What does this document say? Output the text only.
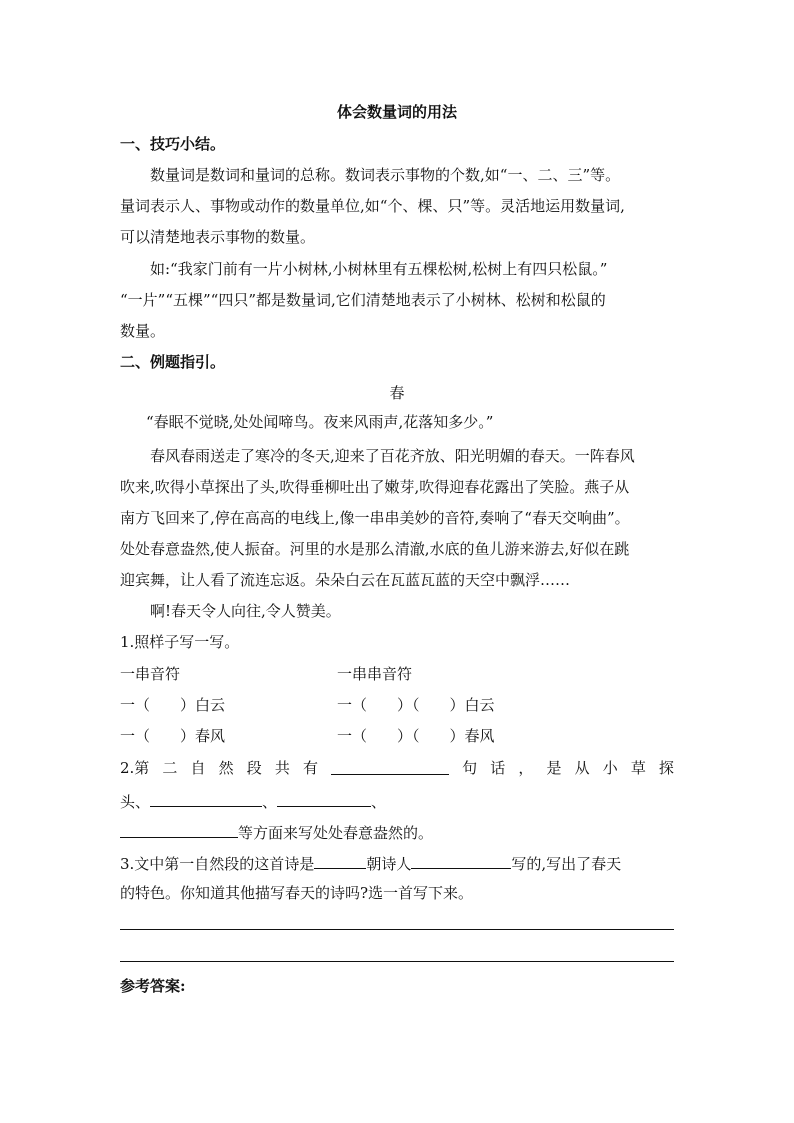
体会数量词的用法
一、技巧小结。
数量词是数词和量词的总称。数词表示事物的个数,如“一、二、三”等。
量词表示人、事物或动作的数量单位,如“个、棵、只”等。灵活地运用数量词,
可以清楚地表示事物的数量。
如:“我家门前有一片小树林,小树林里有五棵松树,松树上有四只松鼠。”
“一片”“五棵”“四只”都是数量词,它们清楚地表示了小树林、松树和松鼠的
数量。
二、例题指引。
春
“春眠不觉晓,处处闻啼鸟。夜来风雨声,花落知多少。”
春风春雨送走了寒冷的冬天,迎来了百花齐放、阳光明媚的春天。一阵春风
吹来,吹得小草探出了头,吹得垂柳吐出了嫩芽,吹得迎春花露出了笑脸。燕子从
南方飞回来了,停在高高的电线上,像一串串美妙的音符,奏响了“春天交响曲”。
处处春意盎然,使人振奋。河里的水是那么清澈,水底的鱼儿游来游去,好似在跳
迎宾舞，让人看了流连忘返。朵朵白云在瓦蓝瓦蓝的天空中飘浮……
啊!春天令人向往,令人赞美。
1.照样子写一写。
一串音符	一串串音符
一（　　）白云	一（　　）（　　）白云
一（　　）春风	一（　　）（　　）春风
2.第 二 自 然 段 共 有	句 话 ， 是 从 小 草 探
头、	、	、
等方面来写处处春意盎然的。
3.文中第一自然段的这首诗是	朝诗人	写的,写出了春天
的特色。你知道其他描写春天的诗吗?选一首写下来。
参考答案:
